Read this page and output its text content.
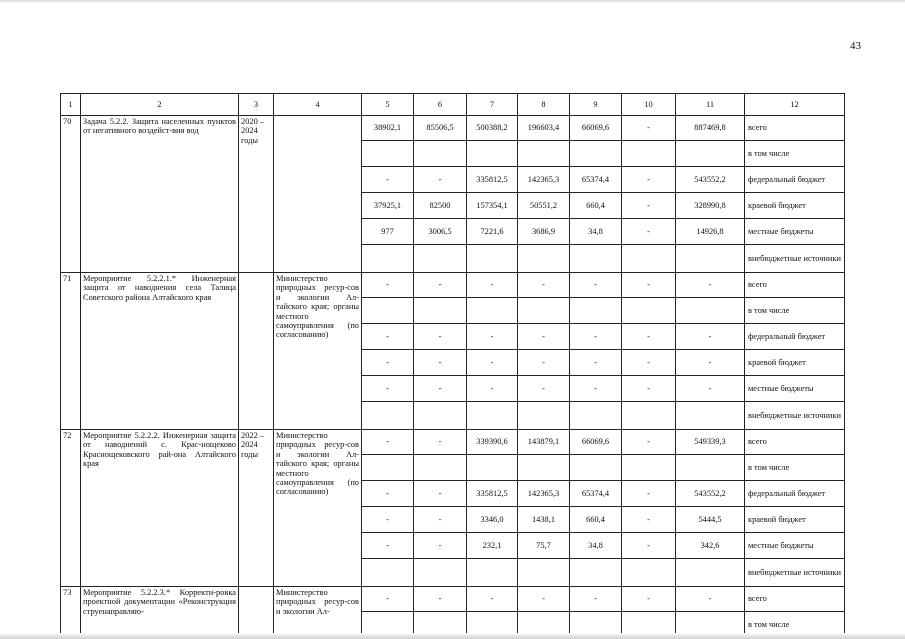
43
1	2	3	4	5	6	7	8	9	10	11	12
70	Задача 5.2.2. Защита населенных пунктов от негативного воздейст-вия вод	2020 – 2024 годы		38902,1	85506,5	500388,2	196603,4	66069,6	-	887469,8	всего
											в том числе
				-	-	335812,5	142365,3	65374,4	-	543552,2	федеральный бюджет
				37925,1	82500	157354,1	50551,2	660,4	-	328990,8	краевой бюджет
				977	3006,5	7221,6	3686,9	34,8	-	14926,8	местные бюджеты
											внебюджетные источники
71	Мероприятие 5.2.2.1.* Инженерная защита от наводнения села Талица Советского района Алтайского края		Министерство природных ресур-сов и экологии Ал-тайского края; органы местного самоуправления (по согласованию)	-	-	-	-	-	-	-	всего
											в том числе
				-	-	-	-	-	-	-	федеральный бюджет
				-	-	-	-	-	-	-	краевой бюджет
				-	-	-	-	-	-	-	местные бюджеты
											внебюджетные источники
72	Мероприятие 5.2.2.2. Инженерная защита от наводнений с. Крас-нощеково Краснощековского рай-она Алтайского края	2022 – 2024 годы	Министерство природных ресур-сов и экологии Ал-тайского края; органы местного самоуправления (по согласованию)	-	-	339390,6	143879,1	66069,6	-	549339,3	всего
											в том числе
				-	-	335812,5	142365,3	65374,4	-	543552,2	федеральный бюджет
				-	-	3346,0	1438,1	660,4	-	5444,5	краевой бюджет
				-	-	232,1	75,7	34,8	-	342,6	местные бюджеты
											внебюджетные источники
73	Мероприятие 5.2.2.3.* Корректи-ровка проектной документации «Реконструкция струенаправляю-		Министерство природных ресур-сов и экологии Ал-	-	-	-	-	-	-	-	всего
											в том числе
